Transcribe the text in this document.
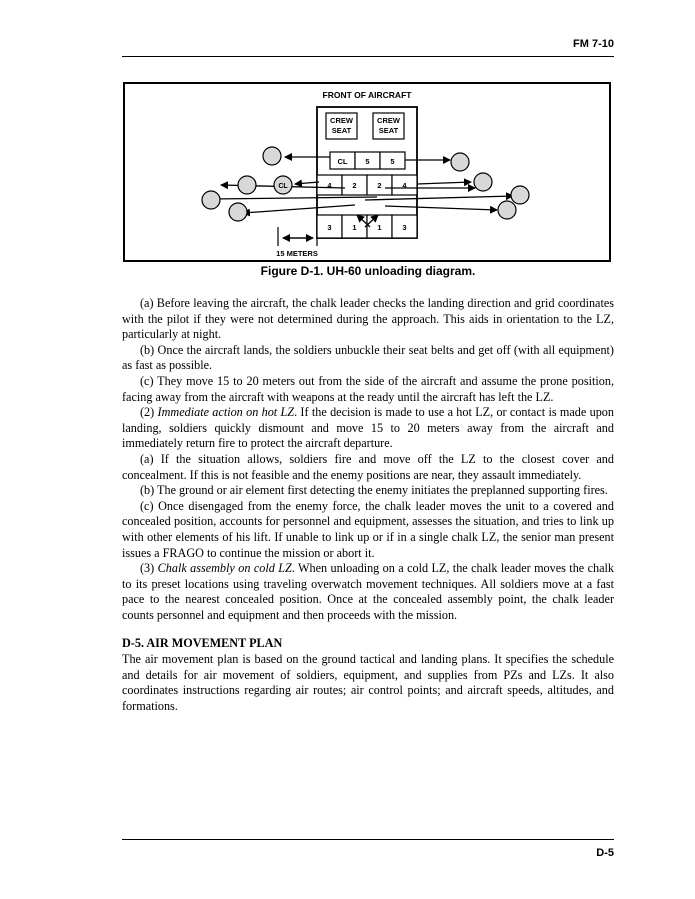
FM 7-10
FRONT OF AIRCRAFT
CREW
SEAT
CREW
SEAT
CL 5	5
4	2	2	4
3	1	1	3
CL
15 METERS
Figure D-1. UH-60 unloading diagram.

(a) Before leaving the aircraft, the chalk leader checks the landing direction and grid coordinates with the pilot if they were not determined during the approach. This aids in orientation to the LZ, particularly at night.

(b) Once the aircraft lands, the soldiers unbuckle their seat belts and get off (with all equipment) as fast as possible.

(c) They move 15 to 20 meters out from the side of the aircraft and assume the prone position, facing away from the aircraft with weapons at the ready until the aircraft has left the LZ.

(2) Immediate action on hot LZ. If the decision is made to use a hot LZ, or contact is made upon landing, soldiers quickly dismount and move 15 to 20 meters away from the aircraft and immediately return fire to protect the aircraft departure.

(a) If the situation allows, soldiers fire and move off the LZ to the closest cover and concealment. If this is not feasible and the enemy positions are near, they assault immediately.

(b) The ground or air element first detecting the enemy initiates the preplanned supporting fires.

(c) Once disengaged from the enemy force, the chalk leader moves the unit to a covered and concealed position, accounts for personnel and equipment, assesses the situation, and tries to link up with other elements of his lift. If unable to link up or if in a single chalk LZ, the senior man present issues a FRAGO to continue the mission or abort it.

(3) Chalk assembly on cold LZ. When unloading on a cold LZ, the chalk leader moves the chalk to its preset locations using traveling overwatch movement techniques. All soldiers move at a fast pace to the nearest concealed position. Once at the concealed assembly point, the chalk leader counts personnel and equipment and then proceeds with the mission.

D-5. AIR MOVEMENT PLAN

The air movement plan is based on the ground tactical and landing plans. It specifies the schedule and details for air movement of soldiers, equipment, and supplies from PZs and LZs. It also coordinates instructions regarding air routes; air control points; and aircraft speeds, altitudes, and formations.

D-5
